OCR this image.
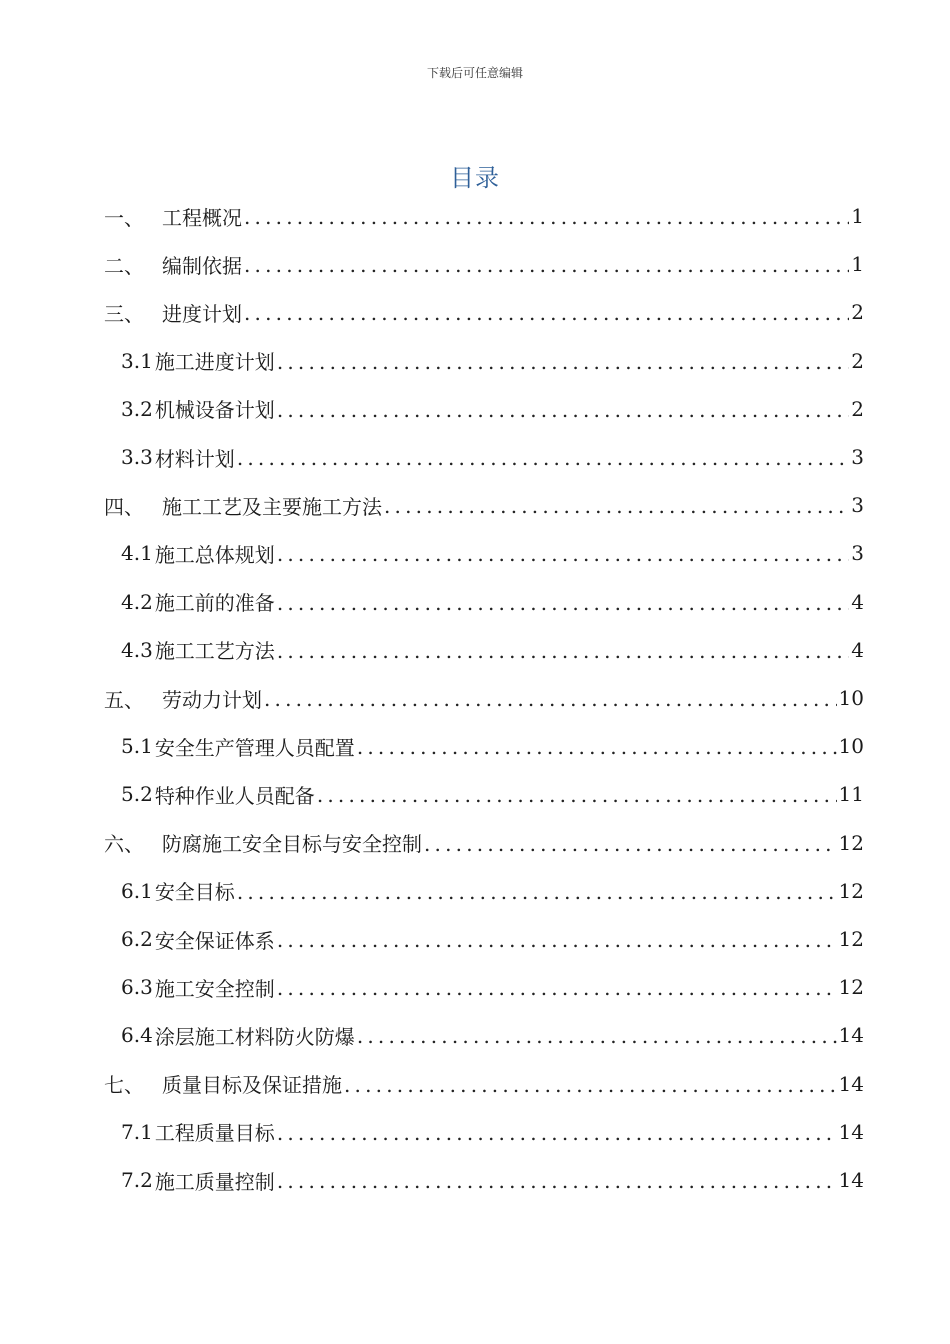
下载后可任意编辑
目录
一、 工程概况 .....	1
二、 编制依据 .....	1
三、 进度计划 .....	2
3.1 施工进度计划 .....	2
3.2 机械设备计划 .....	2
3.3 材料计划 .....	3
四、 施工工艺及主要施工方法 .....	3
4.1 施工总体规划 .....	3
4.2 施工前的准备 .....	4
4.3 施工工艺方法 .....	4
五、 劳动力计划 .....	10
5.1 安全生产管理人员配置 .....	10
5.2 特种作业人员配备 .....	11
六、 防腐施工安全目标与安全控制 .....	12
6.1 安全目标 .....	12
6.2 安全保证体系 .....	12
6.3 施工安全控制 .....	12
6.4 涂层施工材料防火防爆 .....	14
七、 质量目标及保证措施 .....	14
7.1 工程质量目标 .....	14
7.2 施工质量控制 .....	14
